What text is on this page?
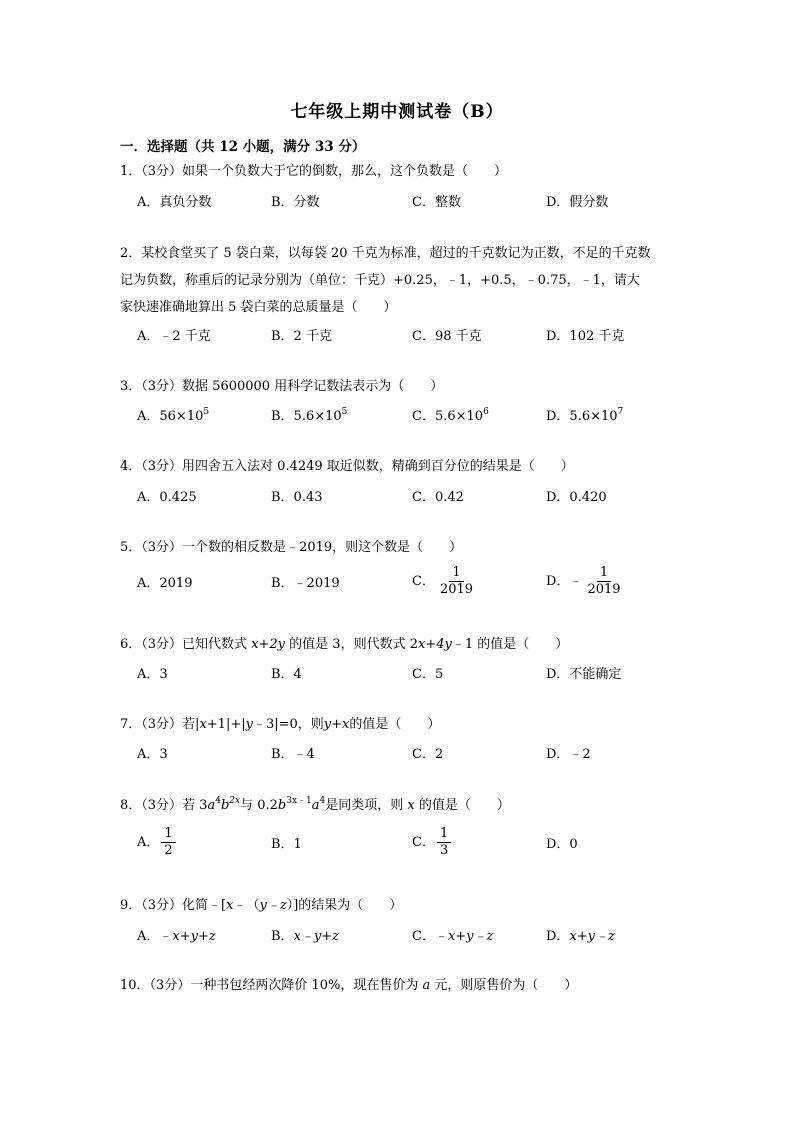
七年级上期中测试卷（B）
一．选择题（共 12 小题，满分 33 分）
1．（3分）如果一个负数大于它的倒数，那么，这个负数是（　　）
A．真负分数	B．分数	C．整数	D．假分数
2．某校食堂买了 5 袋白菜，以每袋 20 千克为标准，超过的千克数记为正数，不足的千克数
记为负数，称重后的记录分别为（单位：千克）+0.25，﹣1，+0.5，﹣0.75，﹣1，请大
家快速准确地算出 5 袋白菜的总质量是（　　）
A．﹣2 千克	B．2 千克	C．98 千克	D．102 千克
3．（3分）数据 5600000 用科学记数法表示为（　　）
A．$56\times 10^5$	B．$5.6\times 10^5$	C．$5.6\times 10^6$	D．$5.6\times 10^7$
4．（3分）用四舍五入法对 0.4249 取近似数，精确到百分位的结果是（　　）
A．0.425	B．0.43	C．0.42	D．0.420
5．（3分）一个数的相反数是﹣2019，则这个数是（　　）
A．2019	B．﹣2019	C． $\frac{1}{2019}$	D．﹣ $\frac{1}{2019}$
6．（3分）已知代数式 x+2y 的值是 3，则代数式 2x+4y﹣1 的值是（　　）
A．3	B．4	C．5	D．不能确定
7．（3分）若|x+1|+|y﹣3|=0，则y+x的值是（　　）
A．3	B．﹣4	C．2	D．﹣2
8．（3分）若 $3a^4b^{2x}$与 $0.2b^{3x﹣1}a^4$是同类项，则 x 的值是（　　）
A． $\frac{1}{2}$	B．1	C． $\frac{1}{3}$	D．0
9．（3分）化简﹣[x﹣（y﹣z）]的结果为（　　）
A．﹣x+y+z	B．x﹣y+z	C．﹣x+y﹣z	D．x+y﹣z
10．（3分）一种书包经两次降价 10%，现在售价为 a 元，则原售价为（　　）
